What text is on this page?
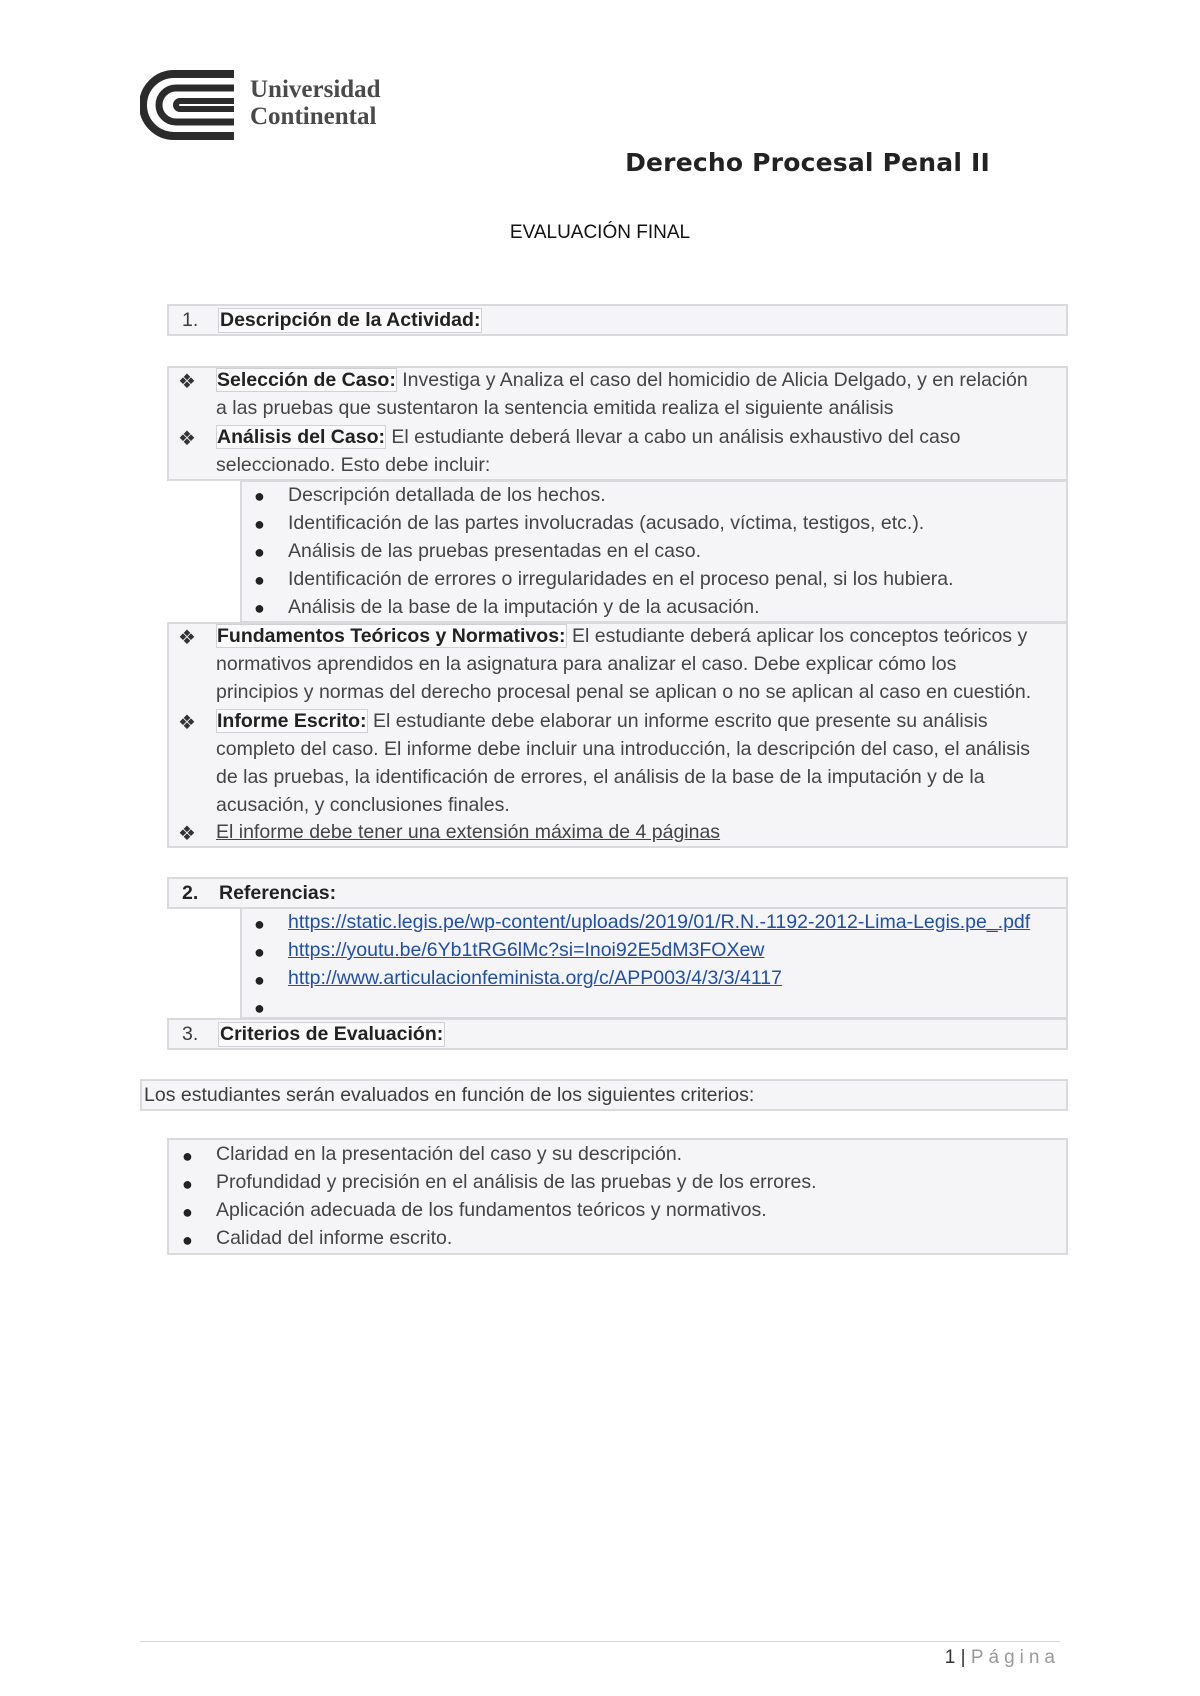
Universidad
Continental
Derecho Procesal Penal II
EVALUACIÓN FINAL
1. Descripción de la Actividad:
❖ Selección de Caso: Investiga y Analiza el caso del homicidio de Alicia Delgado, y en relación
a las pruebas que sustentaron la sentencia emitida realiza el siguiente análisis
❖ Análisis del Caso: El estudiante deberá llevar a cabo un análisis exhaustivo del caso
seleccionado. Esto debe incluir:
● Descripción detallada de los hechos.
● Identificación de las partes involucradas (acusado, víctima, testigos, etc.).
● Análisis de las pruebas presentadas en el caso.
● Identificación de errores o irregularidades en el proceso penal, si los hubiera.
● Análisis de la base de la imputación y de la acusación.
❖ Fundamentos Teóricos y Normativos: El estudiante deberá aplicar los conceptos teóricos y
normativos aprendidos en la asignatura para analizar el caso. Debe explicar cómo los
principios y normas del derecho procesal penal se aplican o no se aplican al caso en cuestión.
❖ Informe Escrito: El estudiante debe elaborar un informe escrito que presente su análisis
completo del caso. El informe debe incluir una introducción, la descripción del caso, el análisis
de las pruebas, la identificación de errores, el análisis de la base de la imputación y de la
acusación, y conclusiones finales.
❖ El informe debe tener una extensión máxima de 4 páginas
2. Referencias:
● https://static.legis.pe/wp-content/uploads/2019/01/R.N.-1192-2012-Lima-Legis.pe_.pdf
● https://youtu.be/6Yb1tRG6lMc?si=Inoi92E5dM3FOXew
● http://www.articulacionfeminista.org/c/APP003/4/3/3/4117
●
3. Criterios de Evaluación:
Los estudiantes serán evaluados en función de los siguientes criterios:
● Claridad en la presentación del caso y su descripción.
● Profundidad y precisión en el análisis de las pruebas y de los errores.
● Aplicación adecuada de los fundamentos teóricos y normativos.
● Calidad del informe escrito.
1 | Página
